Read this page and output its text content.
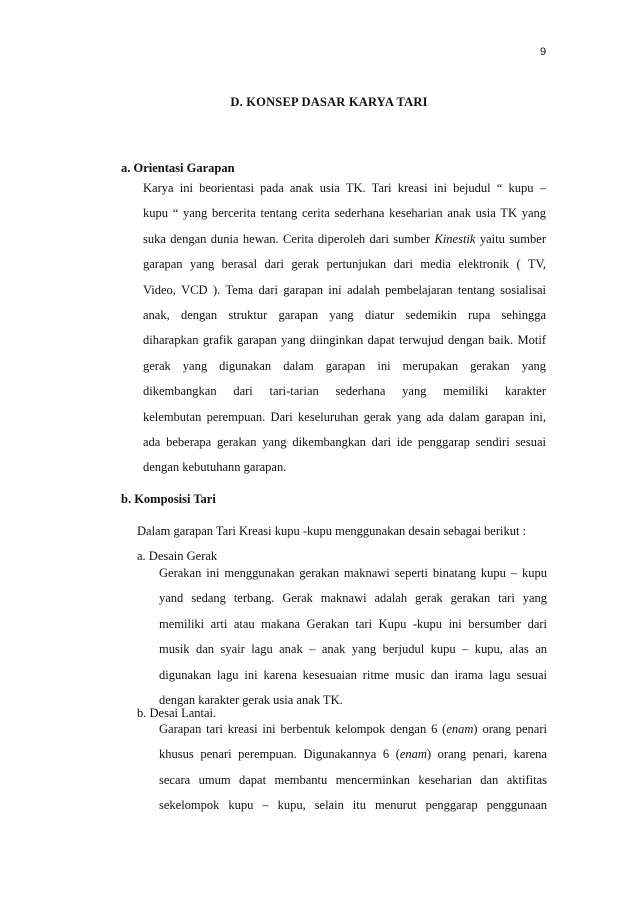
9
D. KONSEP DASAR KARYA TARI
a. Orientasi Garapan
Karya ini beorientasi pada anak usia TK. Tari kreasi ini bejudul “ kupu –
kupu “ yang bercerita tentang cerita sederhana keseharian anak usia TK yang
suka dengan dunia hewan. Cerita diperoleh dari sumber Kinestik yaitu sumber
garapan yang berasal dari gerak pertunjukan dari media elektronik ( TV,
Video, VCD ). Tema dari garapan ini adalah pembelajaran tentang sosialisai
anak, dengan struktur garapan yang diatur sedemikin rupa sehingga
diharapkan grafik garapan yang diinginkan dapat terwujud dengan baik. Motif
gerak yang digunakan dalam garapan ini merupakan gerakan yang
dikembangkan dari tari-tarian sederhana yang memiliki karakter
kelembutan perempuan. Dari keseluruhan gerak yang ada dalam garapan ini,
ada beberapa gerakan yang dikembangkan dari ide penggarap sendiri sesuai
dengan kebutuhann garapan.
b. Komposisi Tari
Dalam garapan Tari Kreasi kupu -kupu menggunakan desain sebagai berikut :
a. Desain Gerak
Gerakan ini menggunakan gerakan maknawi seperti binatang kupu – kupu
yand sedang terbang. Gerak maknawi adalah gerak gerakan tari yang
memiliki arti atau makana Gerakan tari Kupu -kupu ini bersumber dari
musik dan syair lagu anak – anak yang berjudul kupu – kupu, alas an
digunakan lagu ini karena kesesuaian ritme music dan irama lagu sesuai
dengan karakter gerak usia anak TK.
b. Desai Lantai.
Garapan tari kreasi ini berbentuk kelompok dengan 6 (enam) orang penari
khusus penari perempuan. Digunakannya 6 (enam) orang penari, karena
secara umum dapat membantu mencerminkan keseharian dan aktifitas
sekelompok kupu – kupu, selain itu menurut penggarap penggunaan
